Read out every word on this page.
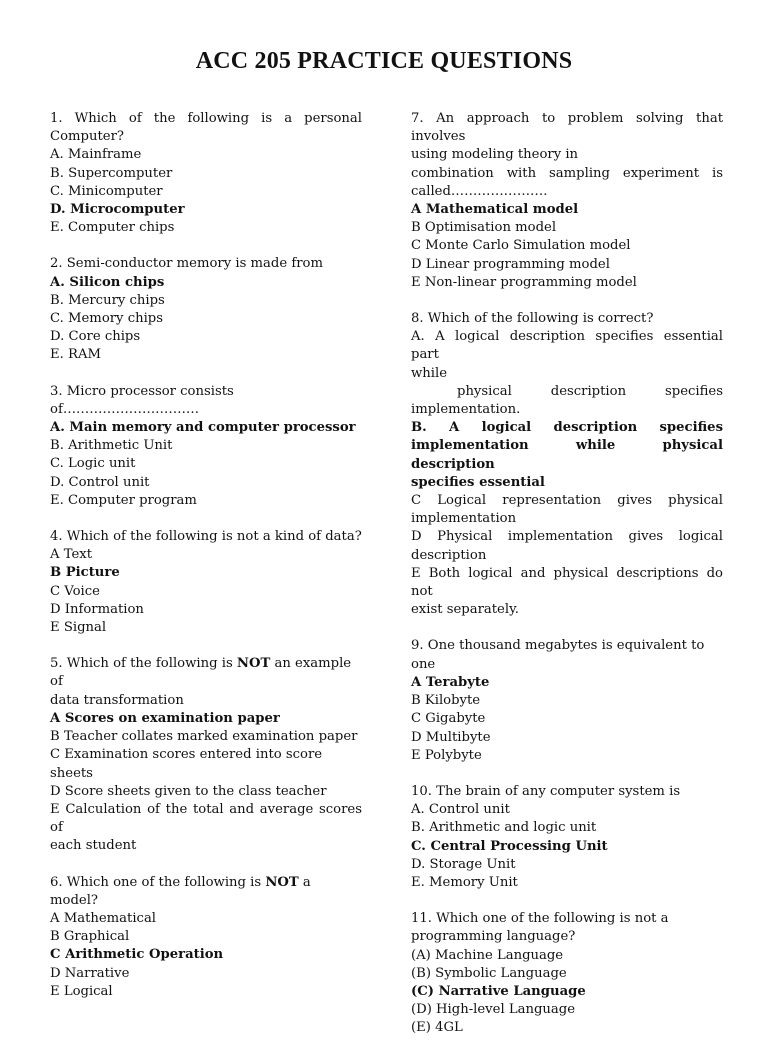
ACC 205 PRACTICE QUESTIONS
1. Which of the following is a personal
Computer?
A. Mainframe
B. Supercomputer
C. Minicomputer
D. Microcomputer
E. Computer chips
2. Semi-conductor memory is made from
A. Silicon chips
B. Mercury chips
C. Memory chips
D. Core chips
E. RAM
3. Micro processor consists of………………………….
A. Main memory and computer processor
B. Arithmetic Unit
C. Logic unit
D. Control unit
E. Computer program
4. Which of the following is not a kind of data?
A Text
B Picture
C Voice
D Information
E Signal
5. Which of the following is NOT an example of
data transformation
A Scores on examination paper
B Teacher collates marked examination paper
C Examination scores entered into score sheets
D Score sheets given to the class teacher
E Calculation of the total and average scores of
each student
6. Which one of the following is NOT a model?
A Mathematical
B Graphical
C Arithmetic Operation
D Narrative
E Logical
7. An approach to problem solving that involves
using modeling theory in
combination with sampling experiment is
called………………….
A Mathematical model
B Optimisation model
C Monte Carlo Simulation model
D Linear programming model
E Non-linear programming model
8. Which of the following is correct?
A. A logical description specifies essential part
while
physical description specifies
implementation.
B. A logical description specifies
implementation while physical description
specifies essential
C Logical representation gives physical
implementation
D Physical implementation gives logical
description
E Both logical and physical descriptions do not
exist separately.
9. One thousand megabytes is equivalent to one
A Terabyte
B Kilobyte
C Gigabyte
D Multibyte
E Polybyte
10. The brain of any computer system is
A. Control unit
B. Arithmetic and logic unit
C. Central Processing Unit
D. Storage Unit
E. Memory Unit
11. Which one of the following is not a
programming language?
(A) Machine Language
(B) Symbolic Language
(C) Narrative Language
(D) High-level Language
(E) 4GL
